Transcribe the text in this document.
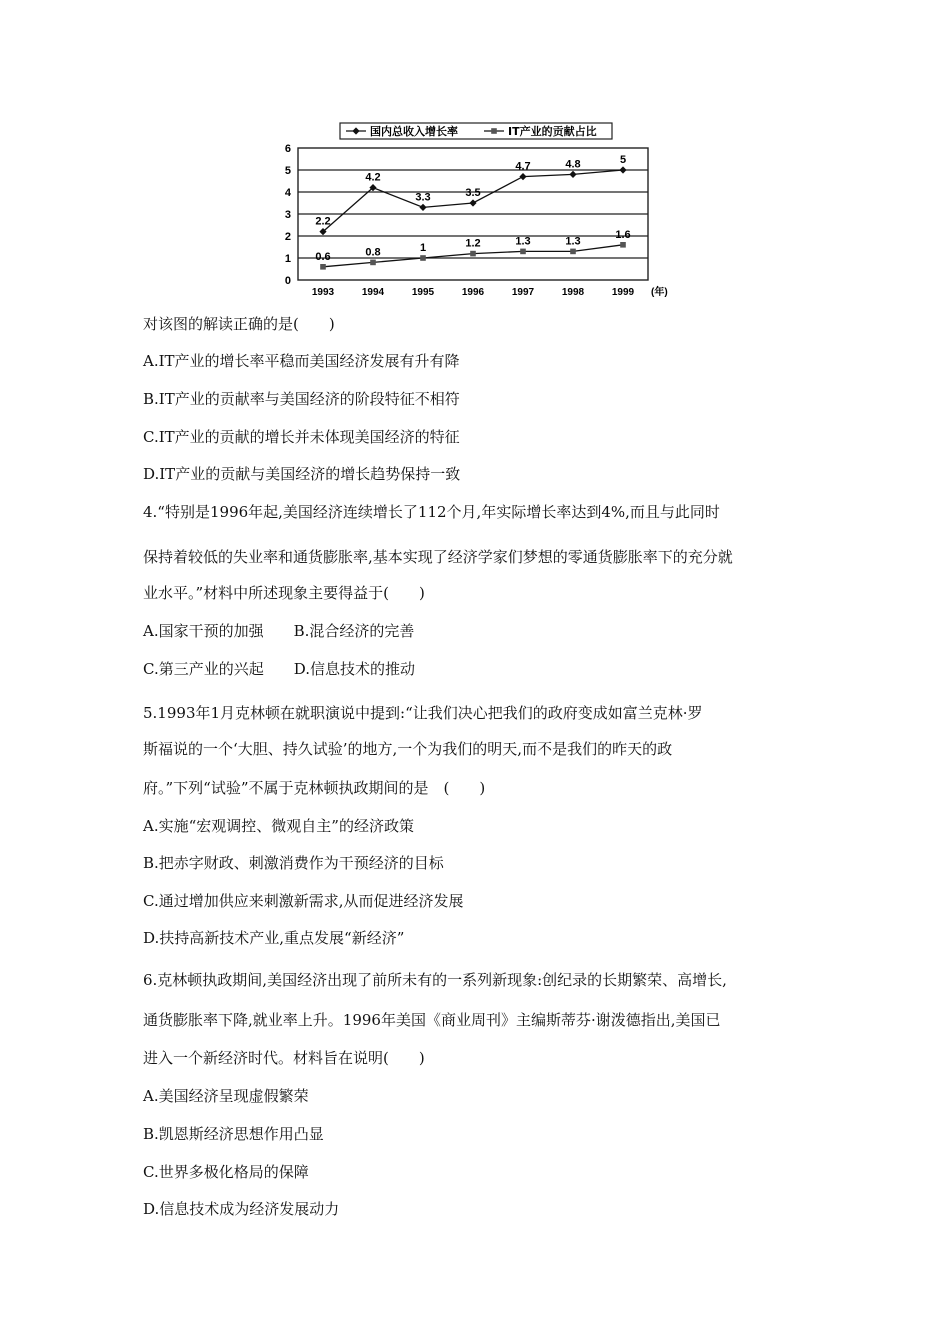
0
1
2
3
4
5
6
1993	1994	1995	1996	1997	1998	1999 (年)
2.2
4.2
3.3	3.5
4.7	4.8	5
0.6	0.8	1	1.2	1.3	1.3
1.6
国内总收入增长率	IT产业的贡献占比
对该图的解读正确的是(　　)
A.IT产业的增长率平稳而美国经济发展有升有降
B.IT产业的贡献率与美国经济的阶段特征不相符
C.IT产业的贡献的增长并未体现美国经济的特征
D.IT产业的贡献与美国经济的增长趋势保持一致
4.“特别是1996年起,美国经济连续增长了112个月,年实际增长率达到4%,而且与此同时
保持着较低的失业率和通货膨胀率,基本实现了经济学家们梦想的零通货膨胀率下的充分就
业水平。”材料中所述现象主要得益于(　　)
A.国家干预的加强　　B.混合经济的完善
C.第三产业的兴起　　D.信息技术的推动
5.1993年1月克林顿在就职演说中提到:“让我们决心把我们的政府变成如富兰克林·罗
斯福说的一个‘大胆、持久试验’的地方,一个为我们的明天,而不是我们的昨天的政
府。”下列“试验”不属于克林顿执政期间的是　(　　)
A.实施“宏观调控、微观自主”的经济政策
B.把赤字财政、刺激消费作为干预经济的目标
C.通过增加供应来刺激新需求,从而促进经济发展
D.扶持高新技术产业,重点发展“新经济”
6.克林顿执政期间,美国经济出现了前所未有的一系列新现象:创纪录的长期繁荣、高增长,
通货膨胀率下降,就业率上升。1996年美国《商业周刊》主编斯蒂芬·谢泼德指出,美国已
进入一个新经济时代。材料旨在说明(　　)
A.美国经济呈现虚假繁荣
B.凯恩斯经济思想作用凸显
C.世界多极化格局的保障
D.信息技术成为经济发展动力
